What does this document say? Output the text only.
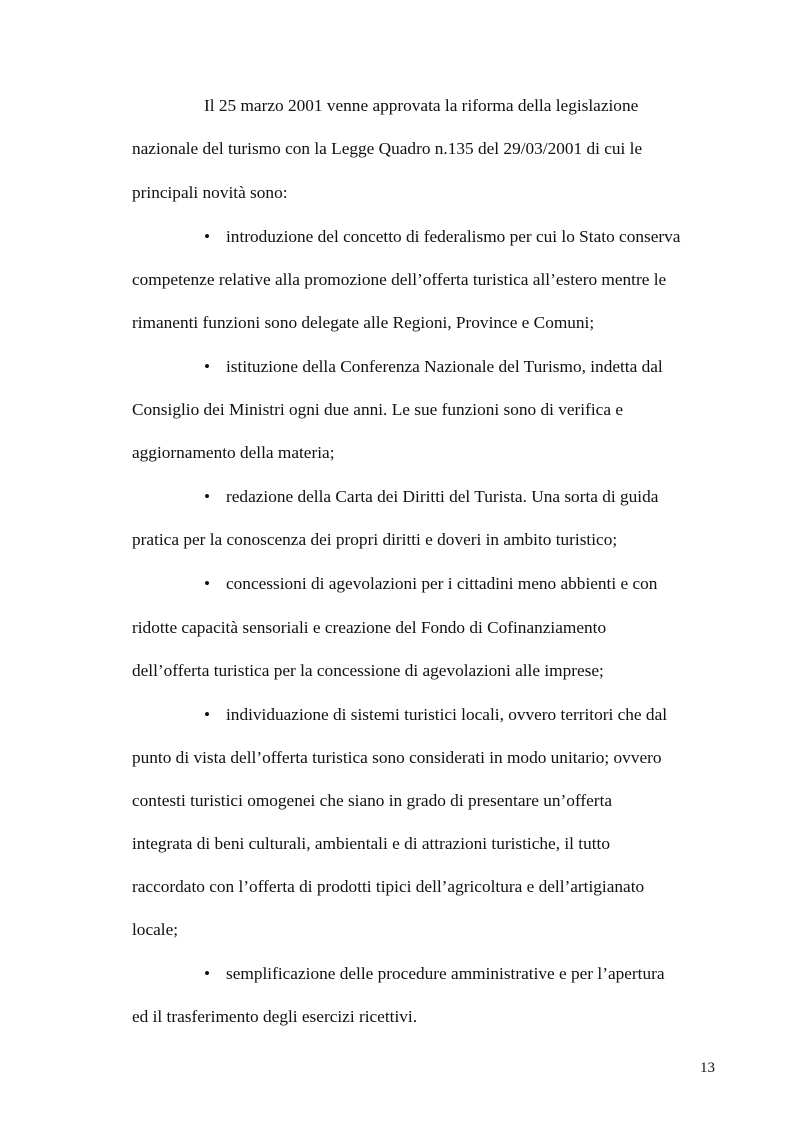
Il 25 marzo 2001 venne approvata la riforma della legislazione
nazionale del turismo con la Legge Quadro n.135 del 29/03/2001 di cui le
principali novità sono:
• introduzione del concetto di federalismo per cui lo Stato conserva
competenze relative alla promozione dell’offerta turistica all’estero mentre le
rimanenti funzioni sono delegate alle Regioni, Province e Comuni;
• istituzione della Conferenza Nazionale del Turismo, indetta dal
Consiglio dei Ministri ogni due anni. Le sue funzioni sono di verifica e
aggiornamento della materia;
• redazione della Carta dei Diritti del Turista. Una sorta di guida
pratica per la conoscenza dei propri diritti e doveri in ambito turistico;
• concessioni di agevolazioni per i cittadini meno abbienti e con
ridotte capacità sensoriali e creazione del Fondo di Cofinanziamento
dell’offerta turistica per la concessione di agevolazioni alle imprese;
• individuazione di sistemi turistici locali, ovvero territori che dal
punto di vista dell’offerta turistica sono considerati in modo unitario; ovvero
contesti turistici omogenei che siano in grado di presentare un’offerta
integrata di beni culturali, ambientali e di attrazioni turistiche, il tutto
raccordato con l’offerta di prodotti tipici dell’agricoltura e dell’artigianato
locale;
• semplificazione delle procedure amministrative e per l’apertura
ed il trasferimento degli esercizi ricettivi.
13
